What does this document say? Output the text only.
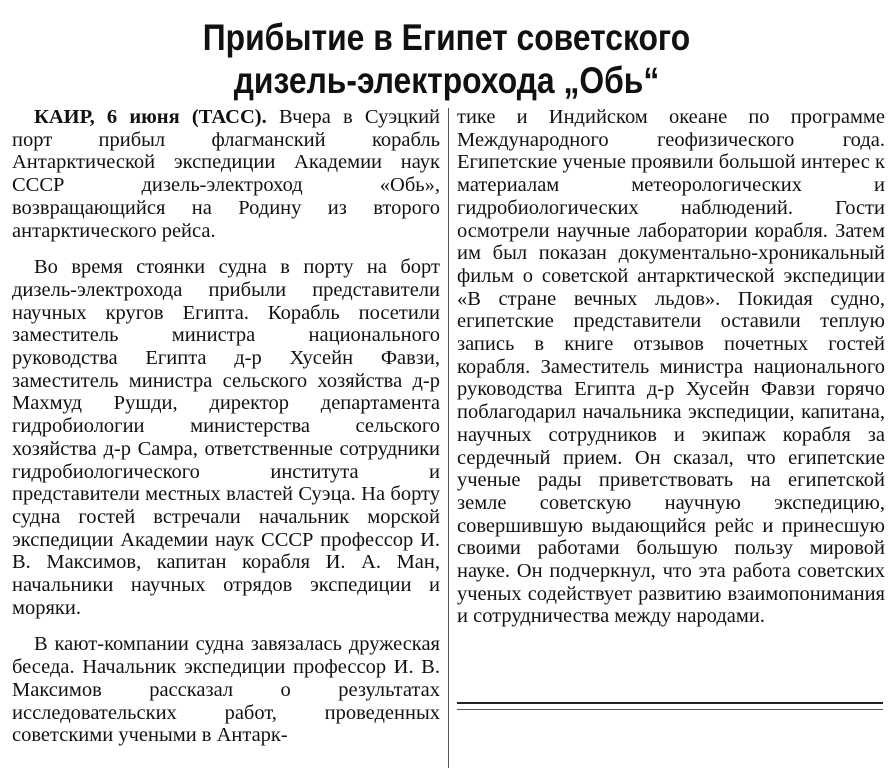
Прибытие в Египет советского
дизель-электрохода „Обь“

КАИР, 6 июня (ТАСС). Вчера в Суэцкий порт прибыл флагманский корабль Антарктической экспедиции Академии наук СССР дизель-электроход «Обь», возвращающийся на Родину из второго антарктического рейса.

Во время стоянки судна в порту на борт дизель-электрохода прибыли представители научных кругов Египта. Корабль посетили заместитель министра национального руководства Египта д-р Хусейн Фавзи, заместитель министра сельского хозяйства д-р Махмуд Рушди, директор департамента гидробиологии министерства сельского хозяйства д-р Самра, ответственные сотрудники гидробиологического института и представители местных властей Суэца. На борту судна гостей встречали начальник морской экспедиции Академии наук СССР профессор И. В. Максимов, капитан корабля И. А. Ман, начальники научных отрядов экспедиции и моряки.

В кают-компании судна завязалась дружеская беседа. Начальник экспедиции профессор И. В. Максимов рассказал о результатах исследовательских работ, проведенных советскими учеными в Антарк-

тике и Индийском океане по программе Международного геофизического года. Египетские ученые проявили большой интерес к материалам метеорологических и гидробиологических наблюдений. Гости осмотрели научные лаборатории корабля. Затем им был показан документально-хроникальный фильм о советской антарктической экспедиции «В стране вечных льдов». Покидая судно, египетские представители оставили теплую запись в книге отзывов почетных гостей корабля. Заместитель министра национального руководства Египта д-р Хусейн Фавзи горячо поблагодарил начальника экспедиции, капитана, научных сотрудников и экипаж корабля за сердечный прием. Он сказал, что египетские ученые рады приветствовать на египетской земле советскую научную экспедицию, совершившую выдающийся рейс и принесшую своими работами большую пользу мировой науке. Он подчеркнул, что эта работа советских ученых содействует развитию взаимопонимания и сотрудничества между народами.
